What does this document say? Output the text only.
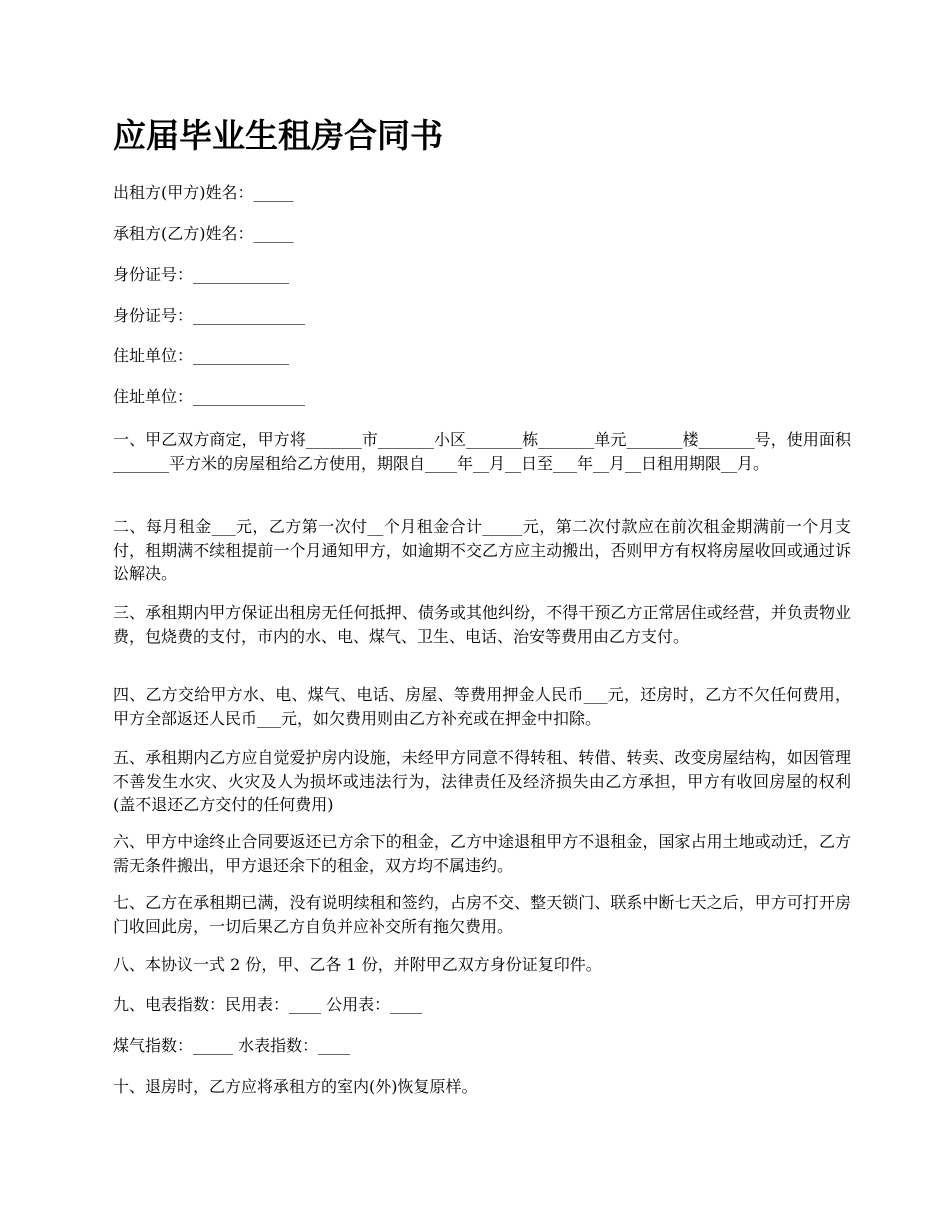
应届毕业生租房合同书

出租方(甲方)姓名：_____

承租方(乙方)姓名：_____

身份证号：____________

身份证号：______________

住址单位：____________

住址单位：______________

一、甲乙双方商定，甲方将_______市_______小区_______栋_______单元_______楼_______号，使用面积_______平方米的房屋租给乙方使用，期限自____年__月__日至___年__月__日租用期限__月。

二、每月租金___元，乙方第一次付__个月租金合计_____元，第二次付款应在前次租金期满前一个月支付，租期满不续租提前一个月通知甲方，如逾期不交乙方应主动搬出，否则甲方有权将房屋收回或通过诉讼解决。

三、承租期内甲方保证出租房无任何抵押、债务或其他纠纷，不得干预乙方正常居住或经营，并负责物业费，包烧费的支付，市内的水、电、煤气、卫生、电话、治安等费用由乙方支付。

四、乙方交给甲方水、电、煤气、电话、房屋、等费用押金人民币___元，还房时，乙方不欠任何费用，甲方全部返还人民币___元，如欠费用则由乙方补充或在押金中扣除。

五、承租期内乙方应自觉爱护房内设施，未经甲方同意不得转租、转借、转卖、改变房屋结构，如因管理不善发生水灾、火灾及人为损坏或违法行为，法律责任及经济损失由乙方承担，甲方有收回房屋的权利(盖不退还乙方交付的任何费用)

六、甲方中途终止合同要返还已方余下的租金，乙方中途退租甲方不退租金，国家占用土地或动迁，乙方需无条件搬出，甲方退还余下的租金，双方均不属违约。

七、乙方在承租期已满，没有说明续租和签约，占房不交、整天锁门、联系中断七天之后，甲方可打开房门收回此房，一切后果乙方自负并应补交所有拖欠费用。

八、本协议一式 2 份，甲、乙各 1 份，并附甲乙双方身份证复印件。

九、电表指数：民用表：____ 公用表：____

煤气指数：_____ 水表指数：____

十、退房时，乙方应将承租方的室内(外)恢复原样。
